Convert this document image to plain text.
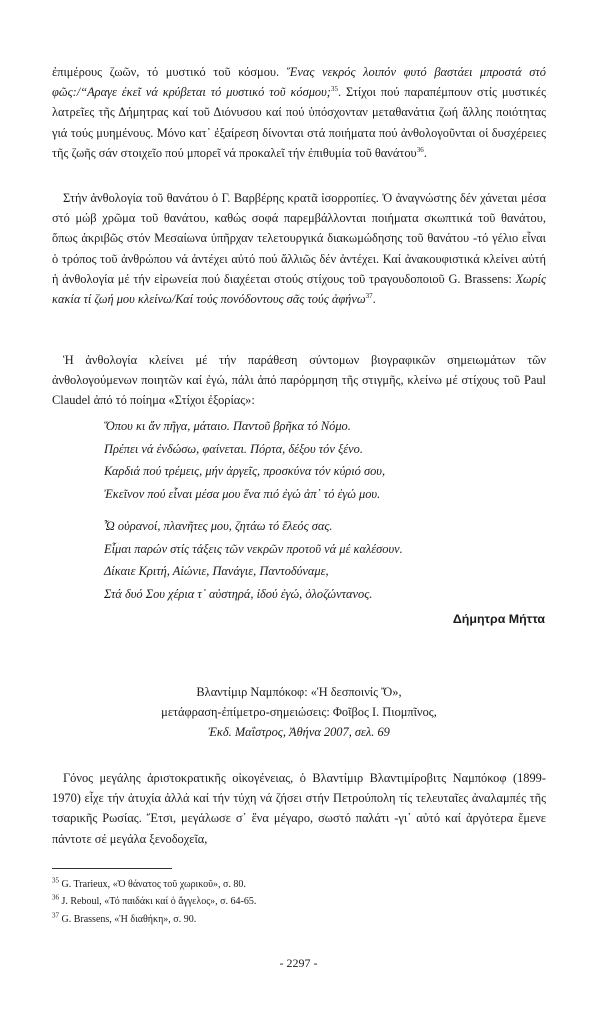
ἐπιμέρους ζωῶν, τό μυστικό τοῦ κόσμου. Ἕνας νεκρός λοιπόν φυτό βαστάει μπροστά στό φῶς:/“Αραγε ἐκεῖ νά κρύβεται τό μυστικό τοῦ κόσμου;$^{35}$. Στίχοι πού παραπέμπουν στίς μυστικές λατρεῖες τῆς Δήμητρας καί τοῦ Διόνυσου καί πού ὑπόσχονταν μεταθανάτια ζωή ἄλλης ποιότητας γιά τούς μυημένους. Μόνο κατ᾽ ἐξαίρεση δίνονται στά ποιήματα πού ἀνθολογοῦνται οἱ δυσχέρειες τῆς ζωῆς σάν στοιχεῖο πού μπορεῖ νά προκαλεῖ τήν ἐπιθυμία τοῦ θανάτου$^{36}$.

Στήν ἀνθολογία τοῦ θανάτου ὁ Γ. Βαρβέρης κρατᾶ ἰσορροπίες. Ὁ ἀναγνώστης δέν χάνεται μέσα στό μώβ χρῶμα τοῦ θανάτου, καθώς σοφά παρεμβάλλονται ποιήματα σκωπτικά τοῦ θανάτου, ὅπως ἀκριβῶς στόν Μεσαίωνα ὑπῆρχαν τελετουργικά διακωμώδησης τοῦ θανάτου -τό γέλιο εἶναι ὁ τρόπος τοῦ ἀνθρώπου νά ἀντέχει αὐτό πού ἄλλιῶς δέν ἀντέχει. Καί ἀνακουφιστικά κλείνει αὐτή ἡ ἀνθολογία μέ τήν εἰρωνεία πού διαχέεται στούς στίχους τοῦ τραγουδοποιοῦ G. Brassens: Χωρίς κακία τί ζωή μου κλείνω/Καί τούς πονόδοντους σᾶς τούς ἀφήνω$^{37}$.

Ἡ ἀνθολογία κλείνει μέ τήν παράθεση σύντομων βιογραφικῶν σημειωμάτων τῶν ἀνθολογούμενων ποιητῶν καί ἐγώ, πάλι ἀπό παρόρμηση τῆς στιγμῆς, κλείνω μέ στίχους τοῦ Paul Claudel ἀπό τό ποίημα «Στίχοι ἐξορίας»:

Ὅπου κι ἄν πῆγα, μάταιο. Παντοῦ βρῆκα τό Νόμο.
Πρέπει νά ἐνδώσω, φαίνεται. Πόρτα, δέξου τόν ξένο.
Καρδιά πού τρέμεις, μήν ἀργεῖς, προσκύνα τόν κύριό σου,
Ἐκεῖνον πού εἶναι μέσα μου ἕνα πιό ἐγώ ἀπ᾽ τό ἐγώ μου.
Ὦ οὐρανοί, πλανῆτες μου, ζητάω τό ἔλεός σας.
Εἶμαι παρών στίς τάξεις τῶν νεκρῶν προτοῦ νά μέ καλέσουν.
Δίκαιε Κριτή, Αἰώνιε, Πανάγιε, Παντοδύναμε,
Στά δυό Σου χέρια τ᾽ αὐστηρά, ἰδού ἐγώ, ὁλοζώντανος.
Δήμητρα Μήττα
Βλαντίμιρ Ναμπόκοφ: «Ἡ δεσποινίς Ὄ»,
μετάφραση-ἐπίμετρο-σημειώσεις: Φοῖβος Ι. Πιομπῖνος,
Ἐκδ. Μαΐστρος, Ἀθήνα 2007, σελ. 69

Γόνος μεγάλης ἀριστοκρατικῆς οἰκογένειας, ὁ Βλαντίμιρ Βλαντιμίροβιτς Ναμπόκοφ (1899-1970) εἶχε τήν ἀτυχία ἀλλά καί τήν τύχη νά ζήσει στήν Πετρούπολη τίς τελευταῖες ἀναλαμπές τῆς τσαρικῆς Ρωσίας. Ἔτσι, μεγάλωσε σ᾽ ἕνα μέγαρο, σωστό παλάτι -γι᾽ αὐτό καί ἀργότερα ἔμενε πάντοτε σέ μεγάλα ξενοδοχεῖα,

$^{35}$ G. Trarieux, «Ὁ θάνατος τοῦ χωρικοῦ», σ. 80.
$^{36}$ J. Reboul, «Τό παιδάκι καί ὁ ἄγγελος», σ. 64-65.
$^{37}$ G. Brassens, «Ἡ διαθήκη», σ. 90.
- 2297 -
